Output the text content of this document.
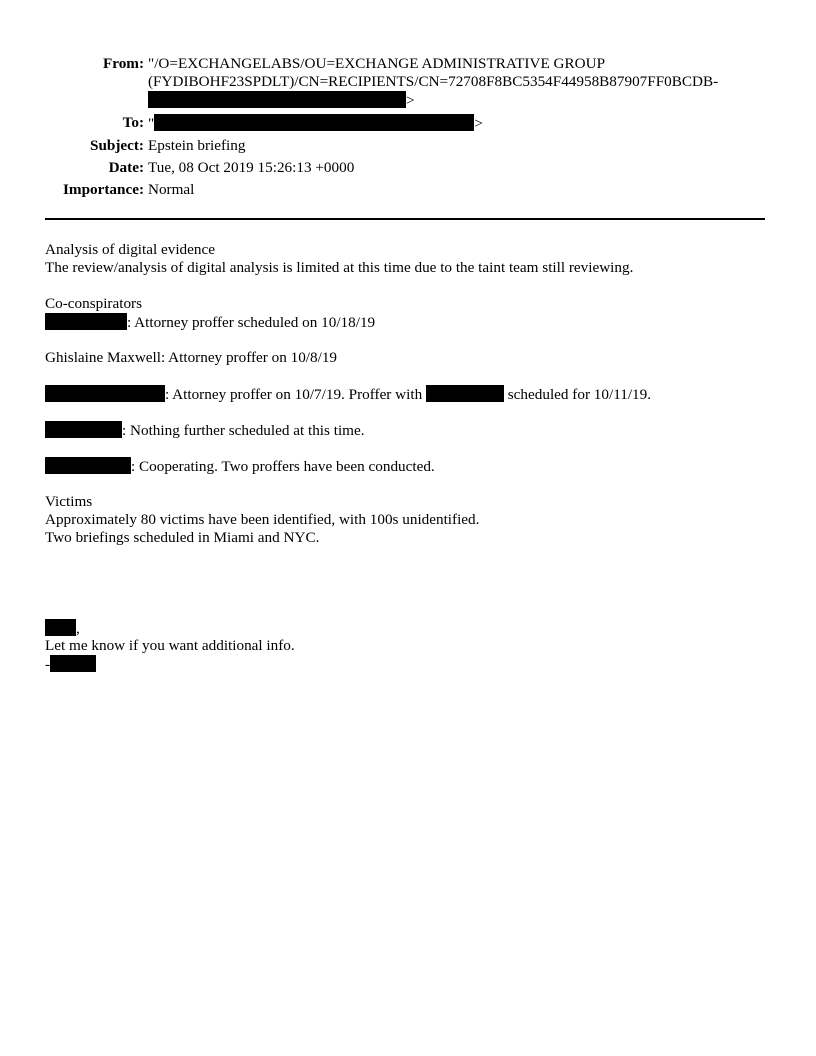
From: "/O=EXCHANGELABS/OU=EXCHANGE ADMINISTRATIVE GROUP
(FYDIBOHF23SPDLT)/CN=RECIPIENTS/CN=72708F8BC5354F44958B87907FF0BCDB-
>
To: "	>
Subject: Epstein briefing
Date: Tue, 08 Oct 2019 15:26:13 +0000
Importance: Normal
Analysis of digital evidence
The review/analysis of digital analysis is limited at this time due to the taint team still reviewing.
Co-conspirators
: Attorney proffer scheduled on 10/18/19
Ghislaine Maxwell: Attorney proffer on 10/8/19
: Attorney proffer on 10/7/19. Proffer with	scheduled for 10/11/19.
: Nothing further scheduled at this time.
: Cooperating. Two proffers have been conducted.
Victims
Approximately 80 victims have been identified, with 100s unidentified.
Two briefings scheduled in Miami and NYC.
,
Let me know if you want additional info.
-
